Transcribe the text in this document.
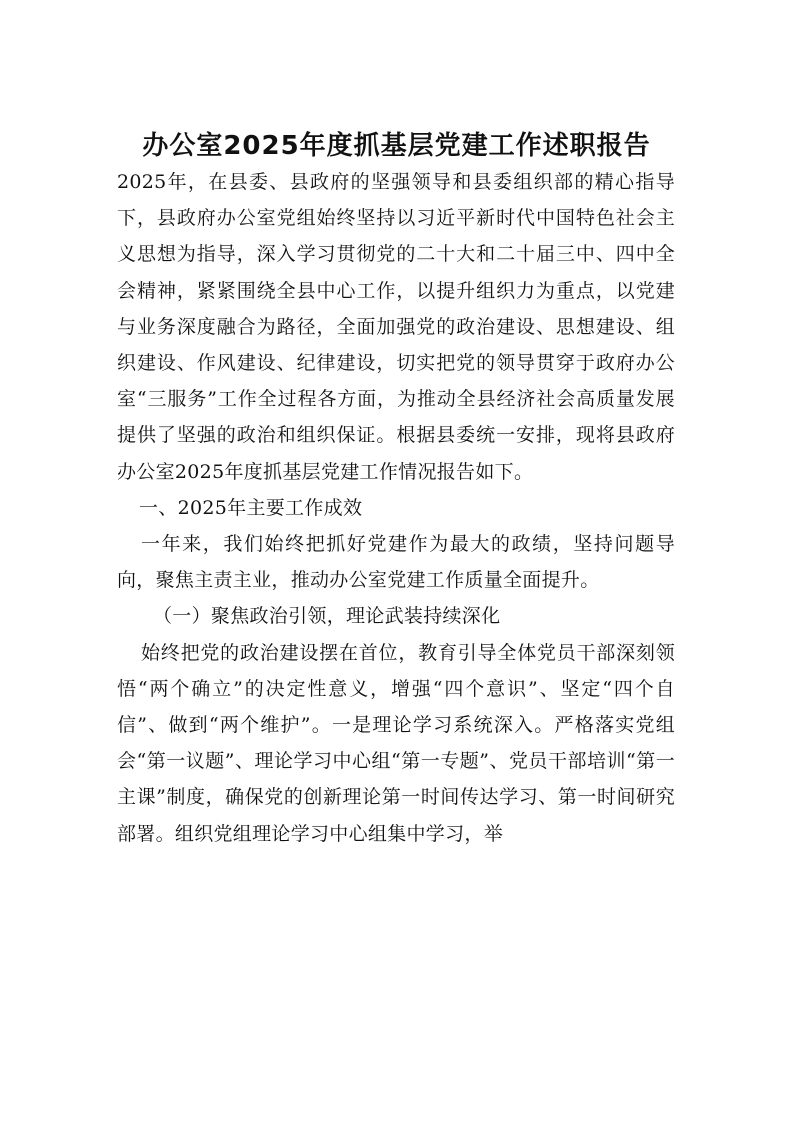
办公室2025年度抓基层党建工作述职报告

2025年，在县委、县政府的坚强领导和县委组织部的精心指导下，县政府办公室党组始终坚持以习近平新时代中国特色社会主义思想为指导，深入学习贯彻党的二十大和二十届三中、四中全会精神，紧紧围绕全县中心工作，以提升组织力为重点，以党建与业务深度融合为路径，全面加强党的政治建设、思想建设、组织建设、作风建设、纪律建设，切实把党的领导贯穿于政府办公室“三服务”工作全过程各方面，为推动全县经济社会高质量发展提供了坚强的政治和组织保证。根据县委统一安排，现将县政府办公室2025年度抓基层党建工作情况报告如下。

一、2025年主要工作成效

一年来，我们始终把抓好党建作为最大的政绩，坚持问题导向，聚焦主责主业，推动办公室党建工作质量全面提升。

（一）聚焦政治引领，理论武装持续深化

始终把党的政治建设摆在首位，教育引导全体党员干部深刻领悟“两个确立”的决定性意义，增强“四个意识”、坚定“四个自信”、做到“两个维护”。一是理论学习系统深入。严格落实党组会“第一议题”、理论学习中心组“第一专题”、党员干部培训“第一主课”制度，确保党的创新理论第一时间传达学习、第一时间研究部署。组织党组理论学习中心组集中学习，举
